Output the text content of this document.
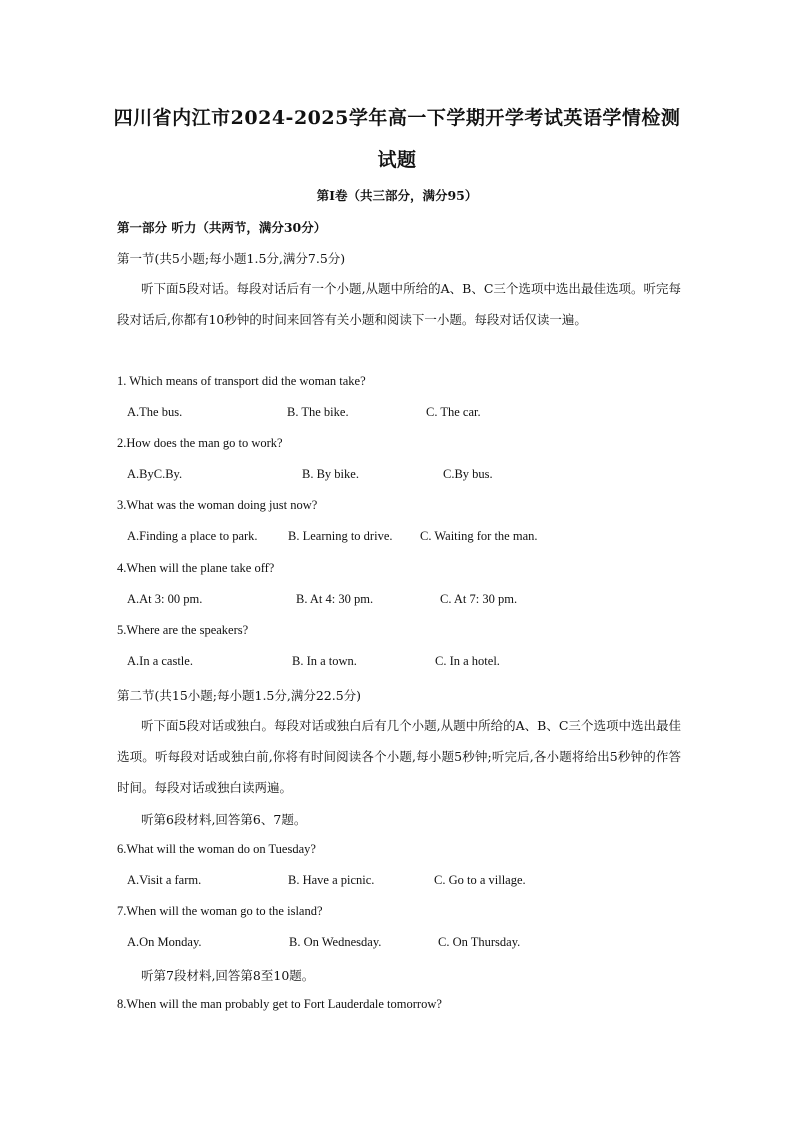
四川省内江市2024-2025学年高一下学期开学考试英语学情检测
试题
第I卷（共三部分，满分95）
第一部分 听力（共两节，满分30分）
第一节(共5小题;每小题1.5分,满分7.5分)
听下面5段对话。每段对话后有一个小题,从题中所给的A、B、C三个选项中选出最佳选项。听完每段对话后,你都有10秒钟的时间来回答有关小题和阅读下一小题。每段对话仅读一遍。
1. Which means of transport did the woman take?
A.The bus.	B. The bike.	C. The car.
2.How does the man go to work?
A.ByC.By.	B. By bike.	C.By bus.
3.What was the woman doing just now?
A.Finding a place to park. B. Learning to drive. C. Waiting for the man.
4.When will the plane take off?
A.At 3: 00 pm.	B. At 4: 30 pm.	C. At 7: 30 pm.
5.Where are the speakers?
A.In a castle.	B. In a town.	C. In a hotel.
第二节(共15小题;每小题1.5分,满分22.5分)
听下面5段对话或独白。每段对话或独白后有几个小题,从题中所给的A、B、C三个选项中选出最佳选项。听每段对话或独白前,你将有时间阅读各个小题,每小题5秒钟;听完后,各小题将给出5秒钟的作答时间。每段对话或独白读两遍。
听第6段材料,回答第6、7题。
6.What will the woman do on Tuesday?
A.Visit a farm.	B. Have a picnic.	C. Go to a village.
7.When will the woman go to the island?
A.On Monday.	B. On Wednesday.	C. On Thursday.
听第7段材料,回答第8至10题。
8.When will the man probably get to Fort Lauderdale tomorrow?
